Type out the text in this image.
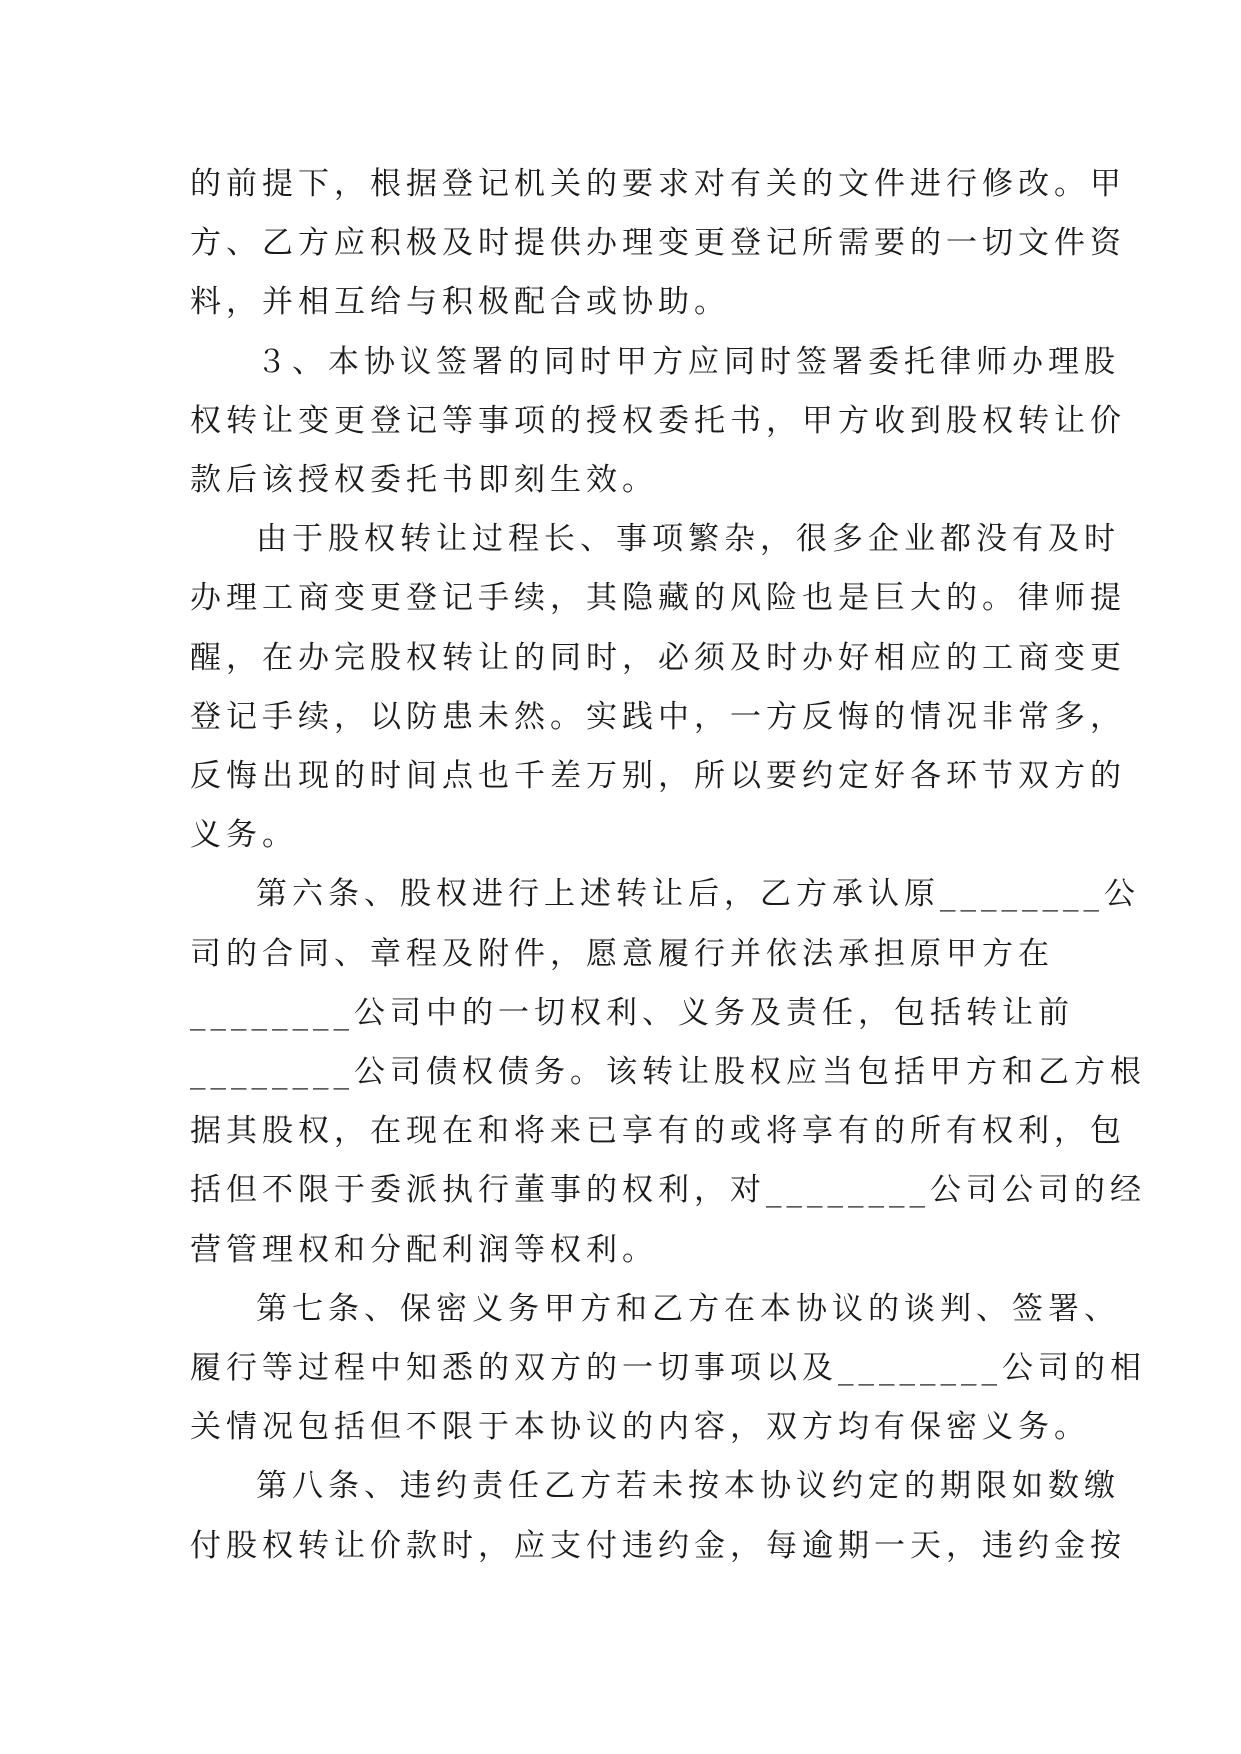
的前提下，根据登记机关的要求对有关的文件进行修改。甲
方、乙方应积极及时提供办理变更登记所需要的一切文件资
料，并相互给与积极配合或协助。

３、本协议签署的同时甲方应同时签署委托律师办理股
权转让变更登记等事项的授权委托书，甲方收到股权转让价
款后该授权委托书即刻生效。

由于股权转让过程长、事项繁杂，很多企业都没有及时
办理工商变更登记手续，其隐藏的风险也是巨大的。律师提
醒，在办完股权转让的同时，必须及时办好相应的工商变更
登记手续，以防患未然。实践中，一方反悔的情况非常多，
反悔出现的时间点也千差万别，所以要约定好各环节双方的
义务。

第六条、股权进行上述转让后，乙方承认原________公
司的合同、章程及附件，愿意履行并依法承担原甲方在
________公司中的一切权利、义务及责任，包括转让前
________公司债权债务。该转让股权应当包括甲方和乙方根
据其股权，在现在和将来已享有的或将享有的所有权利，包
括但不限于委派执行董事的权利，对________公司公司的经
营管理权和分配利润等权利。

第七条、保密义务甲方和乙方在本协议的谈判、签署、
履行等过程中知悉的双方的一切事项以及________公司的相
关情况包括但不限于本协议的内容，双方均有保密义务。

第八条、违约责任乙方若未按本协议约定的期限如数缴
付股权转让价款时，应支付违约金，每逾期一天，违约金按
